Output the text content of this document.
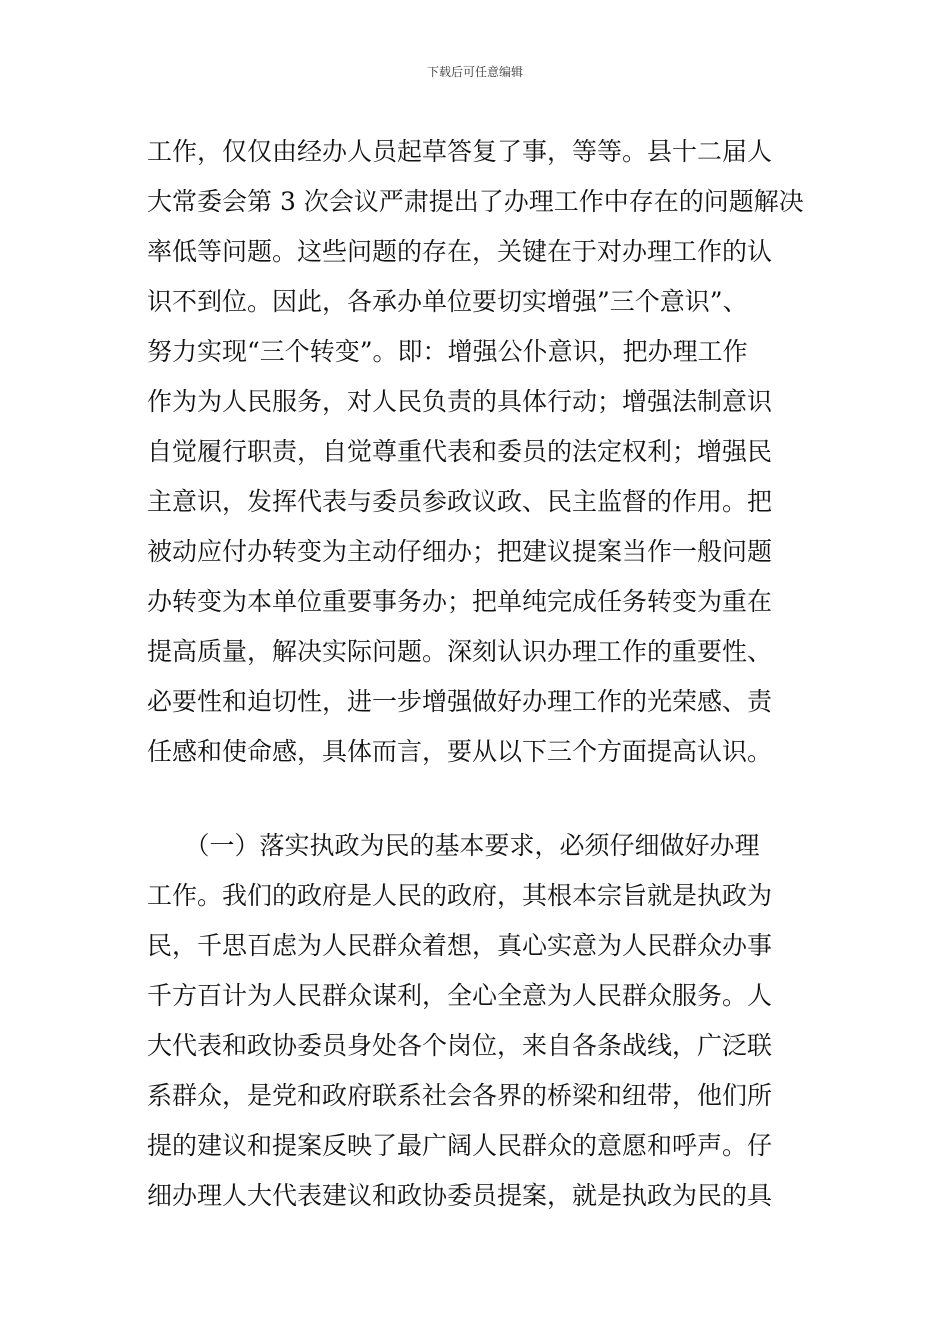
下载后可任意编辑
工作，仅仅由经办人员起草答复了事，等等。县十二届人
大常委会第 3 次会议严肃提出了办理工作中存在的问题解决
率低等问题。这些问题的存在，关键在于对办理工作的认
识不到位。因此，各承办单位要切实增强”三个意识”、
努力实现“三个转变”。即：增强公仆意识，把办理工作
作为为人民服务，对人民负责的具体行动；增强法制意识
自觉履行职责，自觉尊重代表和委员的法定权利；增强民
主意识，发挥代表与委员参政议政、民主监督的作用。把
被动应付办转变为主动仔细办；把建议提案当作一般问题
办转变为本单位重要事务办；把单纯完成任务转变为重在
提高质量，解决实际问题。深刻认识办理工作的重要性、
必要性和迫切性，进一步增强做好办理工作的光荣感、责
任感和使命感，具体而言，要从以下三个方面提高认识。
　　（一）落实执政为民的基本要求，必须仔细做好办理
工作。我们的政府是人民的政府，其根本宗旨就是执政为
民，千思百虑为人民群众着想，真心实意为人民群众办事
千方百计为人民群众谋利，全心全意为人民群众服务。人
大代表和政协委员身处各个岗位，来自各条战线，广泛联
系群众，是党和政府联系社会各界的桥梁和纽带，他们所
提的建议和提案反映了最广阔人民群众的意愿和呼声。仔
细办理人大代表建议和政协委员提案，就是执政为民的具
